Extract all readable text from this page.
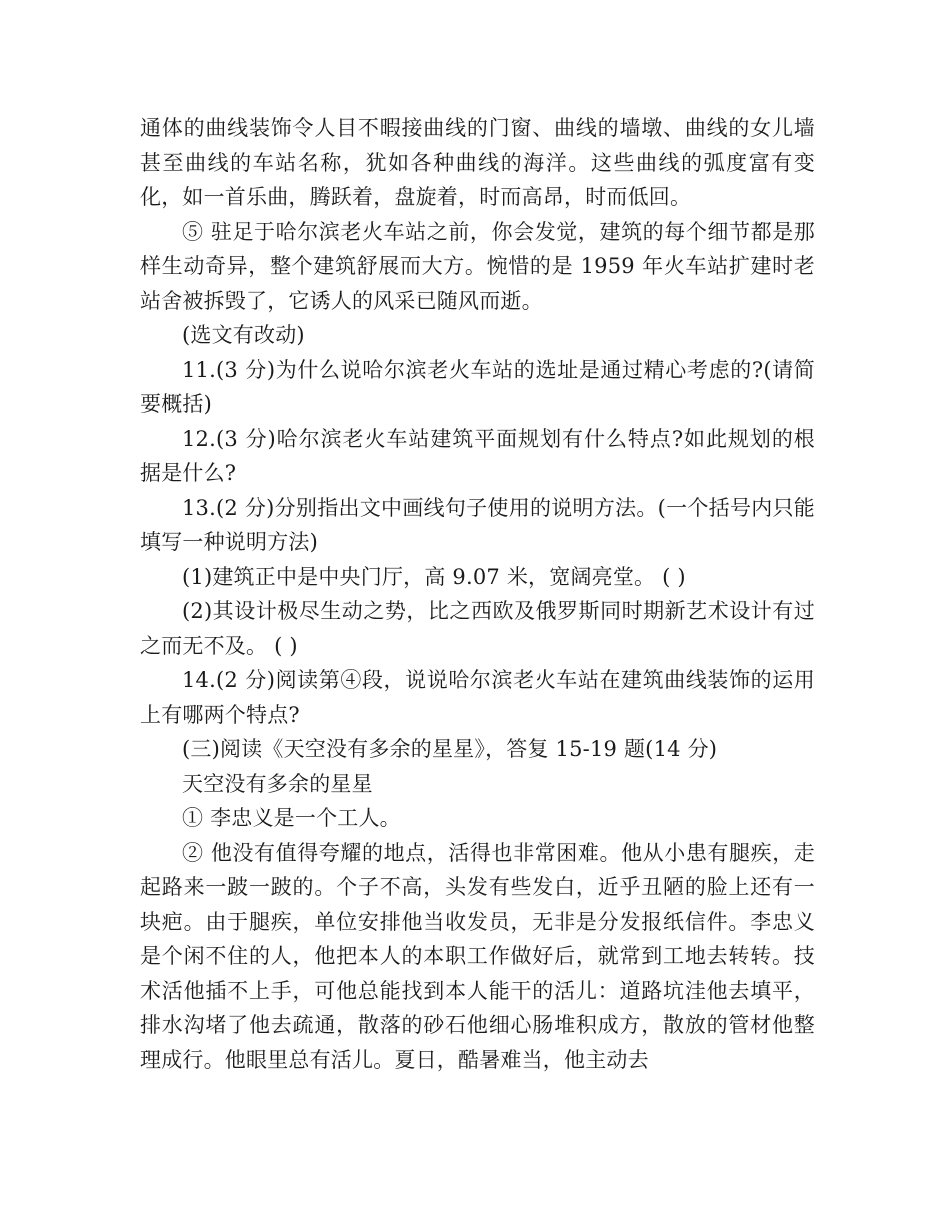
通体的曲线装饰令人目不暇接曲线的门窗、曲线的墙墩、曲线的女儿墙甚至曲线的车站名称，犹如各种曲线的海洋。这些曲线的弧度富有变化，如一首乐曲，腾跃着，盘旋着，时而高昂，时而低回。

⑤ 驻足于哈尔滨老火车站之前，你会发觉，建筑的每个细节都是那样生动奇异，整个建筑舒展而大方。惋惜的是 1959 年火车站扩建时老站舍被拆毁了，它诱人的风采已随风而逝。

(选文有改动)

11.(3 分)为什么说哈尔滨老火车站的选址是通过精心考虑的?(请简要概括)

12.(3 分)哈尔滨老火车站建筑平面规划有什么特点?如此规划的根据是什么?

13.(2 分)分别指出文中画线句子使用的说明方法。(一个括号内只能填写一种说明方法)

(1)建筑正中是中央门厅，高 9.07 米，宽阔亮堂。 ( )

(2)其设计极尽生动之势，比之西欧及俄罗斯同时期新艺术设计有过之而无不及。 ( )

14.(2 分)阅读第④段，说说哈尔滨老火车站在建筑曲线装饰的运用上有哪两个特点?

(三)阅读《天空没有多余的星星》，答复 15-19 题(14 分)

天空没有多余的星星

① 李忠义是一个工人。

② 他没有值得夸耀的地点，活得也非常困难。他从小患有腿疾，走起路来一跛一跛的。个子不高，头发有些发白，近乎丑陋的脸上还有一块疤。由于腿疾，单位安排他当收发员，无非是分发报纸信件。李忠义是个闲不住的人，他把本人的本职工作做好后，就常到工地去转转。技术活他插不上手，可他总能找到本人能干的活儿：道路坑洼他去填平，排水沟堵了他去疏通，散落的砂石他细心肠堆积成方，散放的管材他整理成行。他眼里总有活儿。夏日，酷暑难当，他主动去
